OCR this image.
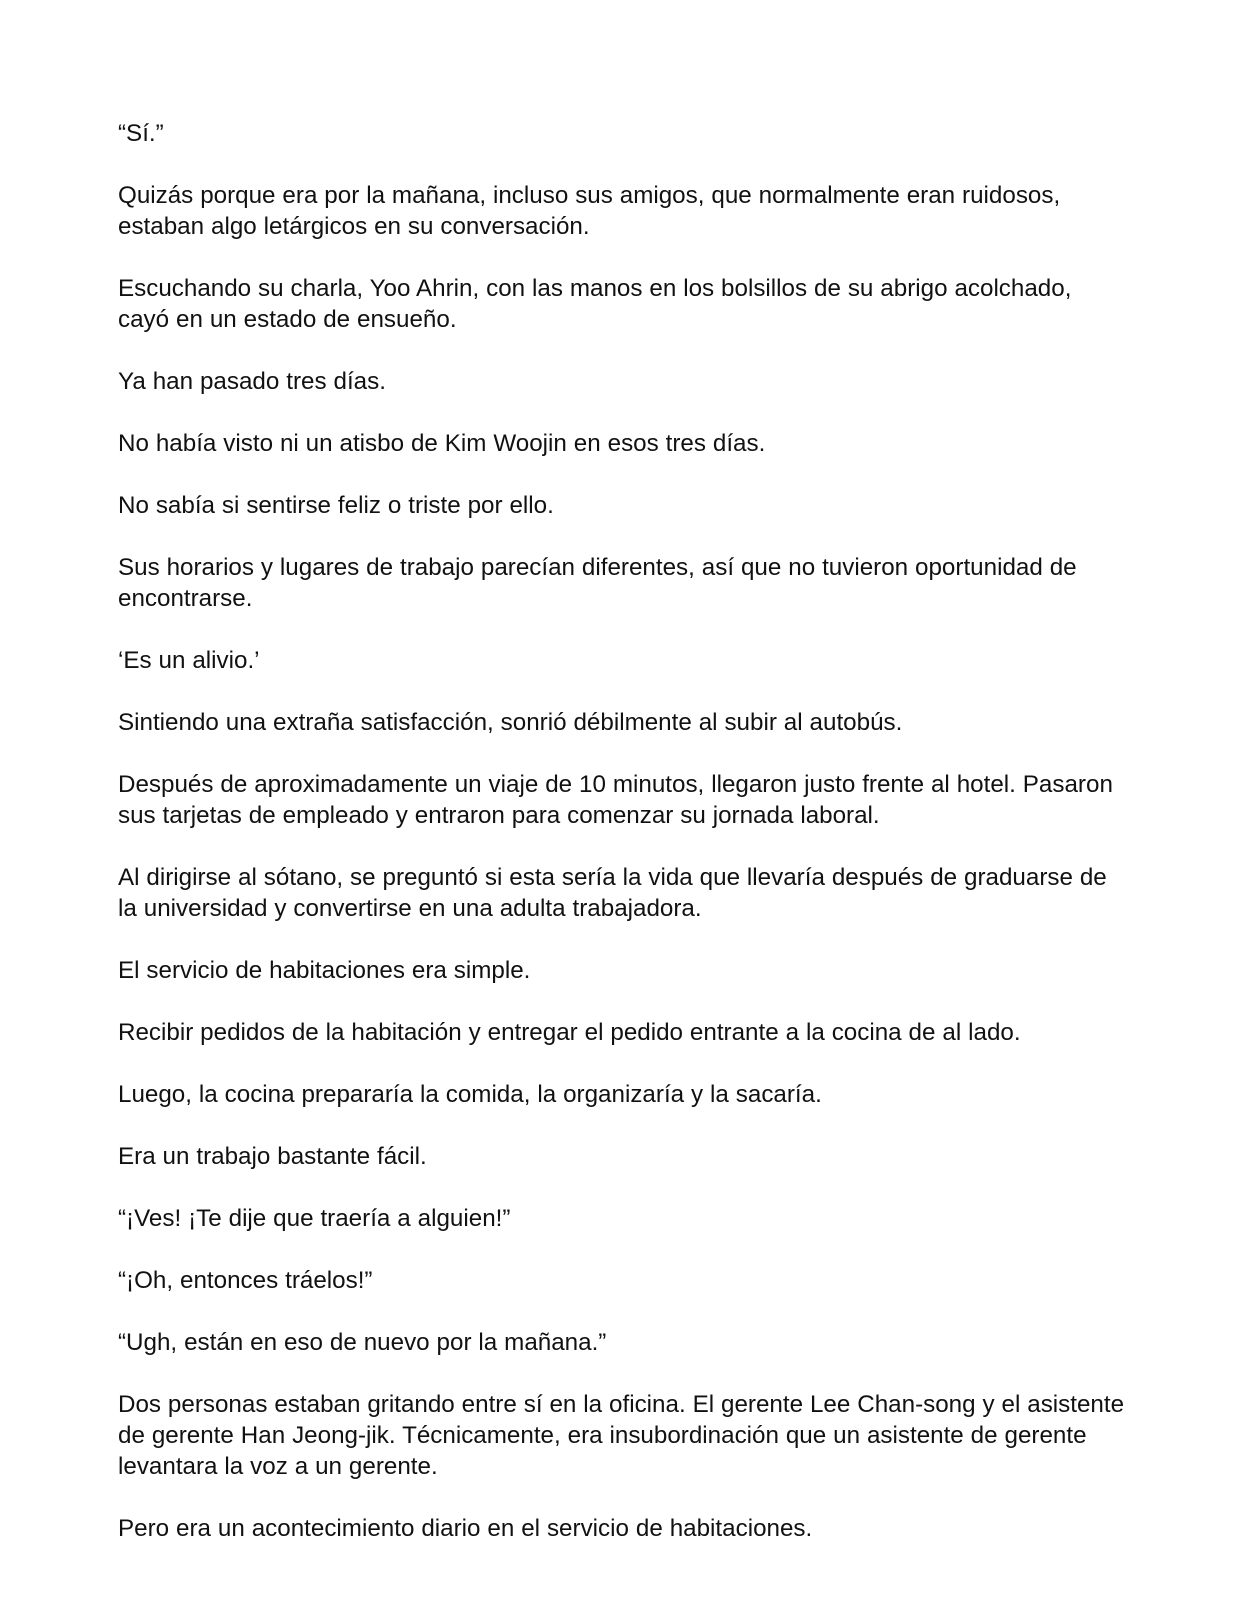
“Sí.”

Quizás porque era por la mañana, incluso sus amigos, que normalmente eran ruidosos, estaban algo letárgicos en su conversación.

Escuchando su charla, Yoo Ahrin, con las manos en los bolsillos de su abrigo acolchado, cayó en un estado de ensueño.

Ya han pasado tres días.

No había visto ni un atisbo de Kim Woojin en esos tres días.

No sabía si sentirse feliz o triste por ello.

Sus horarios y lugares de trabajo parecían diferentes, así que no tuvieron oportunidad de encontrarse.

‘Es un alivio.’

Sintiendo una extraña satisfacción, sonrió débilmente al subir al autobús.

Después de aproximadamente un viaje de 10 minutos, llegaron justo frente al hotel. Pasaron sus tarjetas de empleado y entraron para comenzar su jornada laboral.

Al dirigirse al sótano, se preguntó si esta sería la vida que llevaría después de graduarse de la universidad y convertirse en una adulta trabajadora.

El servicio de habitaciones era simple.

Recibir pedidos de la habitación y entregar el pedido entrante a la cocina de al lado.

Luego, la cocina prepararía la comida, la organizaría y la sacaría.

Era un trabajo bastante fácil.

“¡Ves! ¡Te dije que traería a alguien!”

“¡Oh, entonces tráelos!”

“Ugh, están en eso de nuevo por la mañana.”

Dos personas estaban gritando entre sí en la oficina. El gerente Lee Chan-song y el asistente de gerente Han Jeong-jik. Técnicamente, era insubordinación que un asistente de gerente levantara la voz a un gerente.

Pero era un acontecimiento diario en el servicio de habitaciones.
